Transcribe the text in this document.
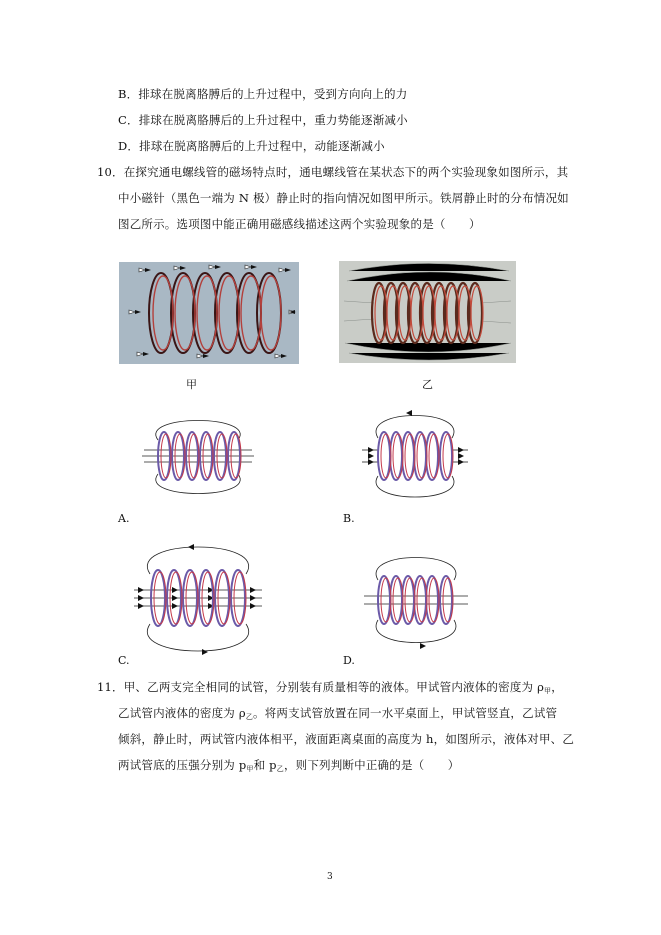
B．排球在脱离胳膊后的上升过程中，受到方向向上的力
C．排球在脱离胳膊后的上升过程中，重力势能逐渐减小
D．排球在脱离胳膊后的上升过程中，动能逐渐减小
10．在探究通电螺线管的磁场特点时，通电螺线管在某状态下的两个实验现象如图所示，其
中小磁针（黑色一端为 N 极）静止时的指向情况如图甲所示。铁屑静止时的分布情况如
图乙所示。选项图中能正确用磁感线描述这两个实验现象的是（　　）
甲	乙
A.	B.
C.	D.
11．甲、乙两支完全相同的试管，分别装有质量相等的液体。甲试管内液体的密度为 $\rho_甲$，
乙试管内液体的密度为 $\rho_乙$。将两支试管放置在同一水平桌面上，甲试管竖直，乙试管
倾斜，静止时，两试管内液体相平，液面距离桌面的高度为 h，如图所示，液体对甲、乙
两试管底的压强分别为 $p_甲$和 $p_乙$，则下列判断中正确的是（　　）
3
